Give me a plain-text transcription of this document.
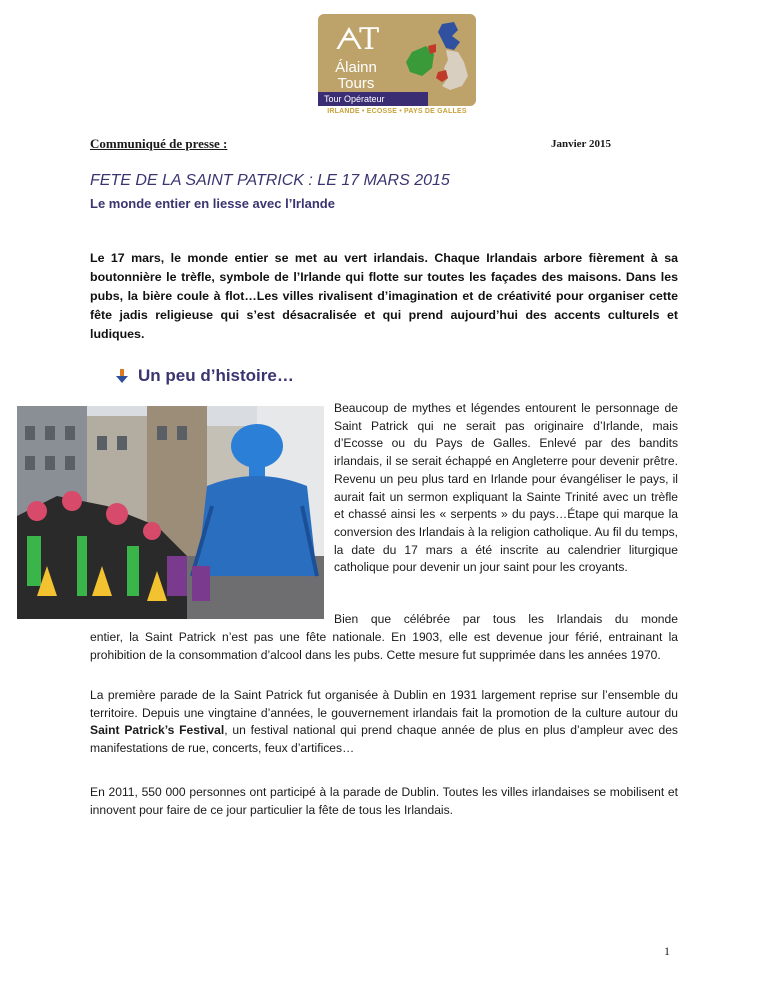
ᗅT
Álainn
Tours
Tour Opérateur
IRLANDE • ECOSSE • PAYS DE GALLES
Communiqué de presse :	Janvier 2015
FETE DE LA SAINT PATRICK : LE 17 MARS 2015
Le monde entier en liesse avec l’Irlande
Le 17 mars, le monde entier se met au vert irlandais. Chaque Irlandais arbore fièrement à sa boutonnière le trèfle, symbole de l’Irlande qui flotte sur toutes les façades des maisons. Dans les pubs, la bière coule à flot…Les villes rivalisent d’imagination et de créativité pour organiser cette fête jadis religieuse qui s’est désacralisée et qui prend aujourd’hui des accents culturels et ludiques.
Un peu d’histoire…
Beaucoup de mythes et légendes entourent le personnage de Saint Patrick qui ne serait pas originaire d’Irlande, mais d’Ecosse ou du Pays de Galles. Enlevé par des bandits irlandais, il se serait échappé en Angleterre pour devenir prêtre. Revenu un peu plus tard en Irlande pour évangéliser le pays, il aurait fait un sermon expliquant la Sainte Trinité avec un trèfle et chassé ainsi les « serpents » du pays…Étape qui marque la conversion des Irlandais à la religion catholique. Au fil du temps, la date du 17 mars a été inscrite au calendrier liturgique catholique pour devenir un jour saint pour les croyants.
Bien que célébrée par tous les Irlandais du monde
entier, la Saint Patrick n’est pas une fête nationale. En 1903, elle est devenue jour férié, entrainant la prohibition de la consommation d’alcool dans les pubs. Cette mesure fut supprimée dans les années 1970.
La première parade de la Saint Patrick fut organisée à Dublin en 1931 largement reprise sur l’ensemble du territoire. Depuis une vingtaine d’années, le gouvernement irlandais fait la promotion de la culture autour du Saint Patrick’s Festival, un festival national qui prend chaque année de plus en plus d’ampleur avec des manifestations de rue, concerts, feux d’artifices…
En 2011, 550 000 personnes ont participé à la parade de Dublin. Toutes les villes irlandaises se mobilisent et innovent pour faire de ce jour particulier la fête de tous les Irlandais.
1
